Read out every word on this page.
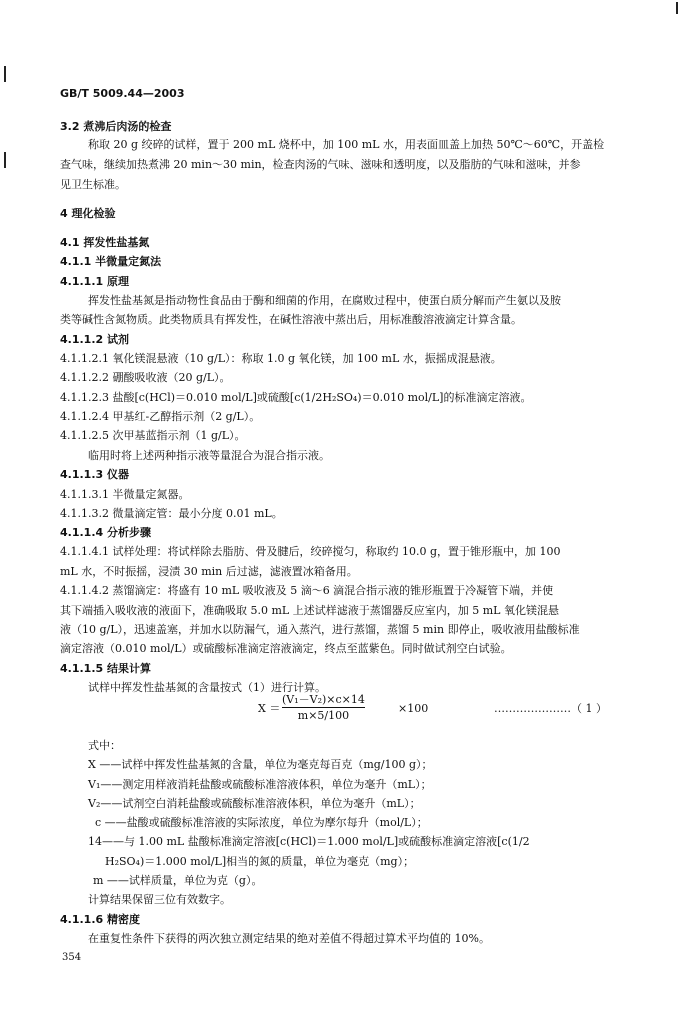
GB/T 5009.44—2003
3.2 煮沸后肉汤的检查
称取 20 g 绞碎的试样，置于 200 mL 烧杯中，加 100 mL 水，用表面皿盖上加热 50℃～60℃，开盖检
查气味，继续加热煮沸 20 min～30 min，检查肉汤的气味、滋味和透明度，以及脂肪的气味和滋味，并参
见卫生标准。
4 理化检验
4.1 挥发性盐基氮
4.1.1 半微量定氮法
4.1.1.1 原理
挥发性盐基氮是指动物性食品由于酶和细菌的作用，在腐败过程中，使蛋白质分解而产生氨以及胺
类等碱性含氮物质。此类物质具有挥发性，在碱性溶液中蒸出后，用标准酸溶液滴定计算含量。
4.1.1.2 试剂
4.1.1.2.1 氧化镁混悬液（10 g/L）：称取 1.0 g 氧化镁，加 100 mL 水，振摇成混悬液。
4.1.1.2.2 硼酸吸收液（20 g/L）。
4.1.1.2.3 盐酸[c(HCl)＝0.010 mol/L]或硫酸[c(1/2H₂SO₄)＝0.010 mol/L]的标准滴定溶液。
4.1.1.2.4 甲基红-乙醇指示剂（2 g/L）。
4.1.1.2.5 次甲基蓝指示剂（1 g/L）。
临用时将上述两种指示液等量混合为混合指示液。
4.1.1.3 仪器
4.1.1.3.1 半微量定氮器。
4.1.1.3.2 微量滴定管：最小分度 0.01 mL。
4.1.1.4 分析步骤
4.1.1.4.1 试样处理：将试样除去脂肪、骨及腱后，绞碎搅匀，称取约 10.0 g，置于锥形瓶中，加 100
mL 水，不时振摇，浸渍 30 min 后过滤，滤液置冰箱备用。
4.1.1.4.2 蒸馏滴定：将盛有 10 mL 吸收液及 5 滴～6 滴混合指示液的锥形瓶置于冷凝管下端，并使
其下端插入吸收液的液面下，准确吸取 5.0 mL 上述试样滤液于蒸馏器反应室内，加 5 mL 氧化镁混悬
液（10 g/L），迅速盖塞，并加水以防漏气，通入蒸汽，进行蒸馏，蒸馏 5 min 即停止，吸收液用盐酸标准
滴定溶液（0.010 mol/L）或硫酸标准滴定溶液滴定，终点至蓝紫色。同时做试剂空白试验。
4.1.1.5 结果计算
试样中挥发性盐基氮的含量按式（1）进行计算。
式中：
X ——试样中挥发性盐基氮的含量，单位为毫克每百克（mg/100 g）；
V₁——测定用样液消耗盐酸或硫酸标准溶液体积，单位为毫升（mL）；
V₂——试剂空白消耗盐酸或硫酸标准溶液体积，单位为毫升（mL）；
c ——盐酸或硫酸标准溶液的实际浓度，单位为摩尔每升（mol/L）；
14——与 1.00 mL 盐酸标准滴定溶液[c(HCl)＝1.000 mol/L]或硫酸标准滴定溶液[c(1/2
H₂SO₄)＝1.000 mol/L]相当的氮的质量，单位为毫克（mg）；
m ——试样质量，单位为克（g）。
计算结果保留三位有效数字。
4.1.1.6 精密度
在重复性条件下获得的两次独立测定结果的绝对差值不得超过算术平均值的 10%。
X ＝
(V₁－V₂)×c×14
m×5/100
×100	…………………（ 1 ）
354
